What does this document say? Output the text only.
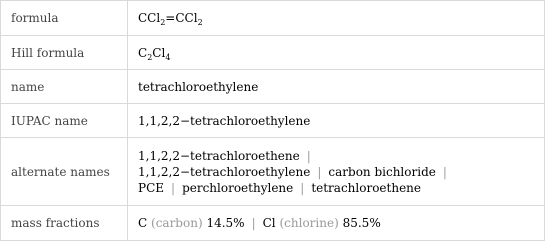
formula	CCl$_2$=CCl$_2$
Hill formula	$C_2Cl_4$
name	tetrachloroethylene
IUPAC name	1,1,2,2−tetrachloroethylene
alternate names	1,1,2,2−tetrachloroethene |
1,1,2,2−tetrachloroethylene | carbon bichloride |
PCE | perchloroethylene | tetrachloroethene

mass fractions	C (carbon) 14.5% | Cl (chlorine) 85.5%
